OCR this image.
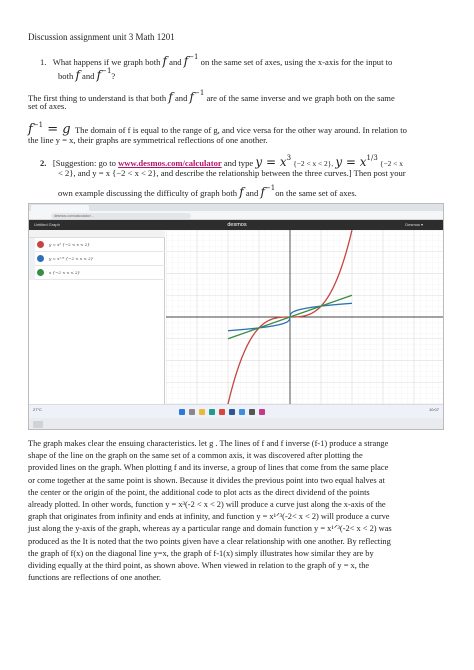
Discussion assignment unit 3 Math 1201
1. What happens if we graph both f and $f^{-1}$ on the same set of axes, using the x-axis for the input to
both f and $f^{-1}$?
The first thing to understand is that both f and $f^{-1}$ are of the same inverse and we graph both on the same
set of axes.
$f^{-1} = g$ The domain of f is equal to the range of g, and vice versa for the other way around. In relation to
the line y = x, their graphs are symmetrical reflections of one another.
2. [Suggestion: go to www.desmos.com/calculator and type $y = x^3$ {−2 < x < 2}, $y = x^{1/3}$ {−2 < x
< 2}, and y = x {−2 < x < 2}, and describe the relationship between the three curves.] Then post your
own example discussing the difficulty of graph both f and $f^{-1}on$ the same set of axes.
desmos.com/calculator/…
Untitled Graph	desmos	Desmos ▾
y = x³ {−2 < x < 2}
y = x¹ᐟ³ {−2 < x < 2}
x {−2 < x < 2}
27°C	10:07
The graph makes clear the ensuing characteristics. let g . The lines of f and f inverse (f-1) produce a strange
shape of the line on the graph on the same set of a common axis, it was discovered after plotting the
provided lines on the graph. When plotting f and its inverse, a group of lines that come from the same place
or come together at the same point is shown. Because it divides the previous point into two equal halves at
the center or the origin of the point, the additional code to plot acts as the direct dividend of the points
already plotted. In other words, function y = x³(-2 < x < 2) will produce a curve just along the x-axis of the
graph that originates from infinity and ends at infinity, and function y = x¹ᐟ³(-2< x < 2) will produce a curve
just along the y-axis of the graph, whereas ay a particular range and domain function y = x¹ᐟ³(-2< x < 2) was
produced as the It is noted that the two points given have a clear relationship with one another. By reflecting
the graph of f(x) on the diagonal line y=x, the graph of f-1(x) simply illustrates how similar they are by
dividing equally at the third point, as shown above. When viewed in relation to the graph of y = x, the
functions are reflections of one another.
